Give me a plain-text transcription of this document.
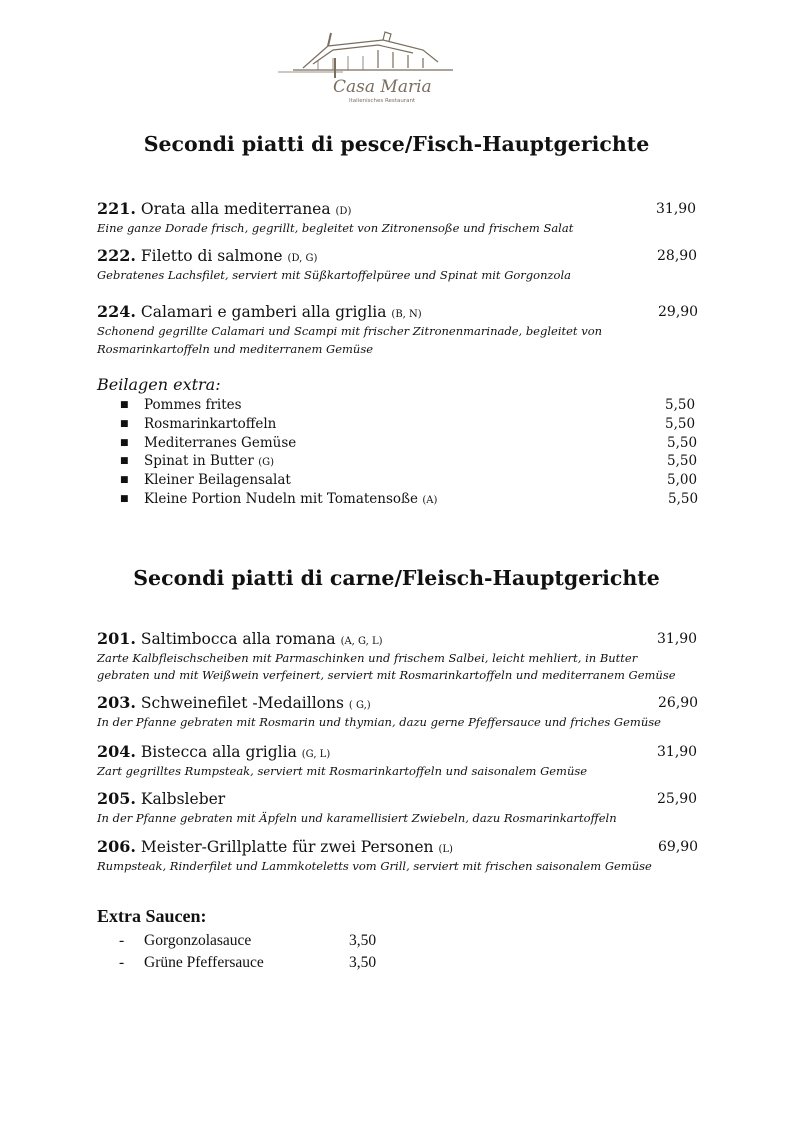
Casa Maria
Italienisches Restaurant
Secondi piatti di pesce/Fisch-Hauptgerichte
221. Orata alla mediterranea (D)	31,90
Eine ganze Dorade frisch, gegrillt, begleitet von Zitronensoße und frischem Salat
222. Filetto di salmone (D, G)	28,90
Gebratenes Lachsfilet, serviert mit Süßkartoffelpüree und Spinat mit Gorgonzola
224. Calamari e gamberi alla griglia (B, N)	29,90
Schonend gegrillte Calamari und Scampi mit frischer Zitronenmarinade, begleitet von
Rosmarinkartoffeln und mediterranem Gemüse
Beilagen extra:
■ Pommes frites	5,50
■ Rosmarinkartoffeln	5,50
■ Mediterranes Gemüse	5,50
■ Spinat in Butter (G)	5,50
■ Kleiner Beilagensalat	5,00
■ Kleine Portion Nudeln mit Tomatensoße (A)	5,50
Secondi piatti di carne/Fleisch-Hauptgerichte
201. Saltimbocca alla romana (A, G, L)	31,90
Zarte Kalbfleischscheiben mit Parmaschinken und frischem Salbei, leicht mehliert, in Butter
gebraten und mit Weißwein verfeinert, serviert mit Rosmarinkartoffeln und mediterranem Gemüse
203. Schweinefilet -Medaillons ( G,)	26,90
In der Pfanne gebraten mit Rosmarin und thymian, dazu gerne Pfeffersauce und friches Gemüse
204. Bistecca alla griglia (G, L)	31,90
Zart gegrilltes Rumpsteak, serviert mit Rosmarinkartoffeln und saisonalem Gemüse
205. Kalbsleber	25,90
In der Pfanne gebraten mit Äpfeln und karamellisiert Zwiebeln, dazu Rosmarinkartoffeln
206. Meister-Grillplatte für zwei Personen (L)	69,90
Rumpsteak, Rinderfilet und Lammkoteletts vom Grill, serviert mit frischen saisonalem Gemüse
Extra Saucen:
- Gorgonzolasauce	3,50
- Grüne Pfeffersauce	3,50
